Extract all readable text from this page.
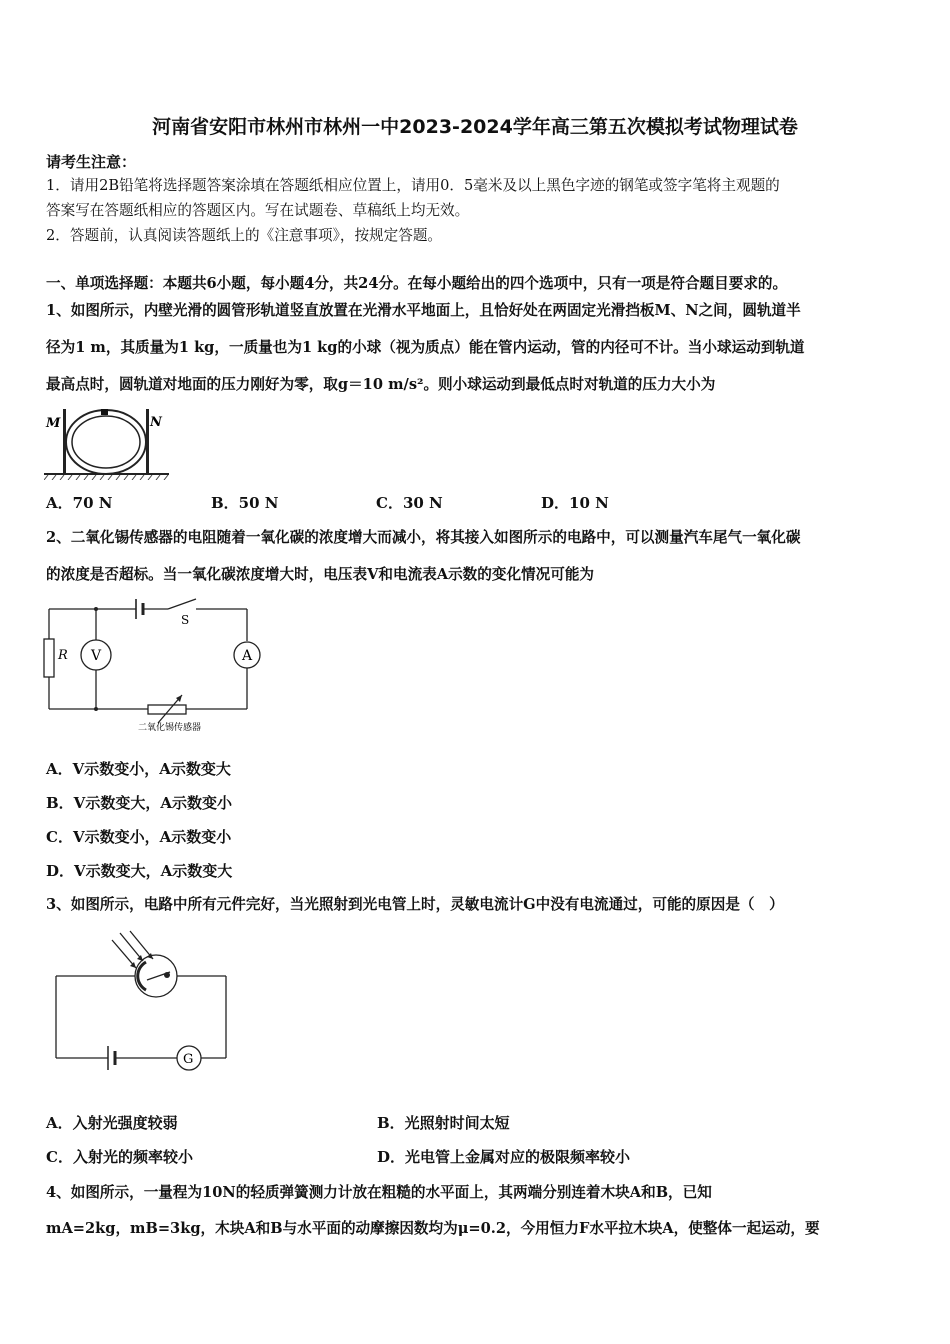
河南省安阳市林州市林州一中2023-2024学年高三第五次模拟考试物理试卷
请考生注意：
1．请用2B铅笔将选择题答案涂填在答题纸相应位置上，请用0．5毫米及以上黑色字迹的钢笔或签字笔将主观题的
答案写在答题纸相应的答题区内。写在试题卷、草稿纸上均无效。
2．答题前，认真阅读答题纸上的《注意事项》，按规定答题。
一、单项选择题：本题共6小题，每小题4分，共24分。在每小题给出的四个选项中，只有一项是符合题目要求的。
1、如图所示，内壁光滑的圆管形轨道竖直放置在光滑水平地面上，且恰好处在两固定光滑挡板M、N之间，圆轨道半
径为1 m，其质量为1 kg，一质量也为1 kg的小球（视为质点）能在管内运动，管的内径可不计。当小球运动到轨道
最高点时，圆轨道对地面的压力刚好为零，取g＝10 m/s²。则小球运动到最低点时对轨道的压力大小为
M	N
A．70 N	B．50 N	C．30 N	D．10 N
2、二氧化锡传感器的电阻随着一氧化碳的浓度增大而减小，将其接入如图所示的电路中，可以测量汽车尾气一氧化碳
的浓度是否超标。当一氧化碳浓度增大时，电压表V和电流表A示数的变化情况可能为
R V	A
S
二氧化锡传感器
A．V示数变小，A示数变大
B．V示数变大，A示数变小
C．V示数变小，A示数变小
D．V示数变大，A示数变大
3、如图所示，电路中所有元件完好，当光照射到光电管上时，灵敏电流计G中没有电流通过，可能的原因是（　）
G
A．入射光强度较弱	B．光照射时间太短
C．入射光的频率较小	D．光电管上金属对应的极限频率较小
4、如图所示，一量程为10N的轻质弹簧测力计放在粗糙的水平面上，其两端分别连着木块A和B，已知
mA=2kg，mB=3kg，木块A和B与水平面的动摩擦因数均为μ=0.2，今用恒力F水平拉木块A，使整体一起运动，要
